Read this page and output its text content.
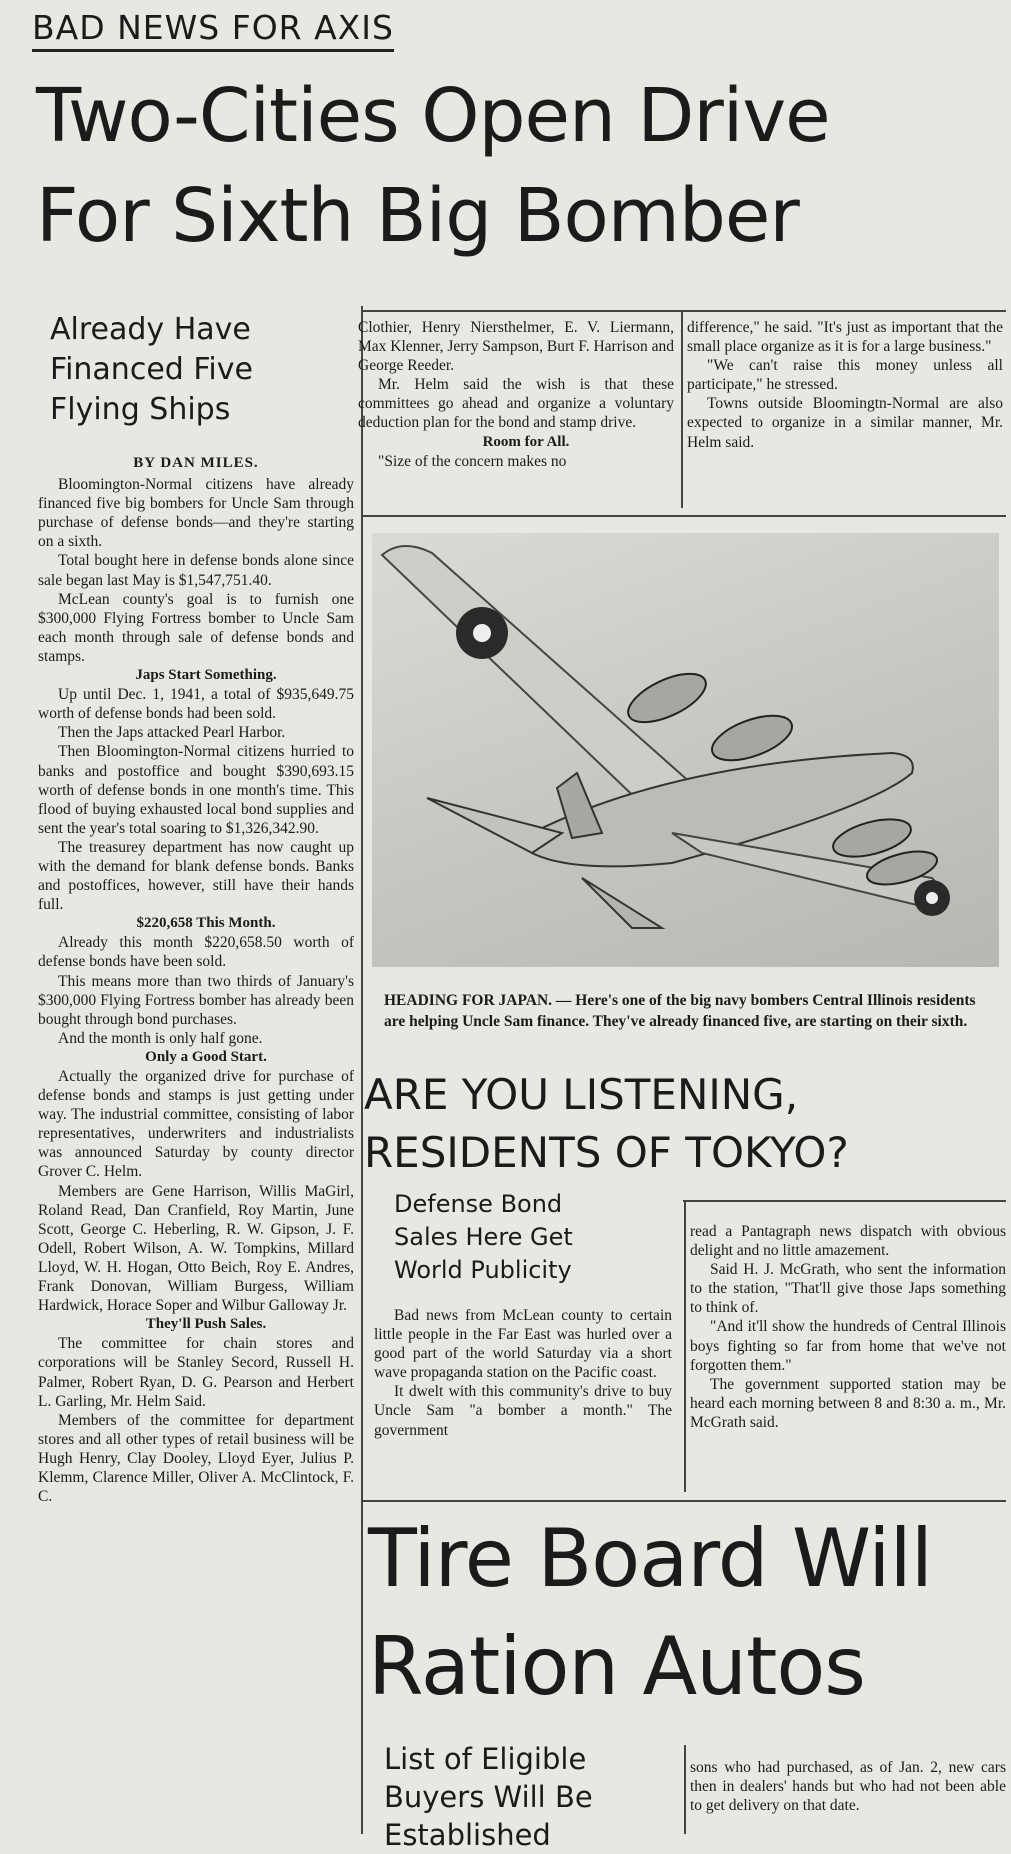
BAD NEWS FOR AXIS
Two-Cities Open Drive
For Sixth Big Bomber
Already Have
Financed Five
Flying Ships
BY DAN MILES.

Bloomington-Normal citizens have already financed five big bombers for Uncle Sam through purchase of defense bonds—and they're starting on a sixth.

Total bought here in defense bonds alone since sale began last May is $1,547,751.40.

McLean county's goal is to furnish one $300,000 Flying Fortress bomber to Uncle Sam each month through sale of defense bonds and stamps.

Japs Start Something.

Up until Dec. 1, 1941, a total of $935,649.75 worth of defense bonds had been sold.

Then the Japs attacked Pearl Harbor.

Then Bloomington-Normal citizens hurried to banks and postoffice and bought $390,693.15 worth of defense bonds in one month's time. This flood of buying exhausted local bond supplies and sent the year's total soaring to $1,326,342.90.

The treasurey department has now caught up with the demand for blank defense bonds. Banks and postoffices, however, still have their hands full.

$220,658 This Month.

Already this month $220,658.50 worth of defense bonds have been sold.

This means more than two thirds of January's $300,000 Flying Fortress bomber has already been bought through bond purchases.

And the month is only half gone.

Only a Good Start.

Actually the organized drive for purchase of defense bonds and stamps is just getting under way. The industrial committee, consisting of labor representatives, underwriters and industrialists was announced Saturday by county director Grover C. Helm.

Members are Gene Harrison, Willis MaGirl, Roland Read, Dan Cranfield, Roy Martin, June Scott, George C. Heberling, R. W. Gipson, J. F. Odell, Robert Wilson, A. W. Tompkins, Millard Lloyd, W. H. Hogan, Otto Beich, Roy E. Andres, Frank Donovan, William Burgess, William Hardwick, Horace Soper and Wilbur Galloway Jr.

They'll Push Sales.

The committee for chain stores and corporations will be Stanley Secord, Russell H. Palmer, Robert Ryan, D. G. Pearson and Herbert L. Garling, Mr. Helm Said.

Members of the committee for department stores and all other types of retail business will be Hugh Henry, Clay Dooley, Lloyd Eyer, Julius P. Klemm, Clarence Miller, Oliver A. McClintock, F. C.

Clothier, Henry Niersthelmer, E. V. Liermann, Max Klenner, Jerry Sampson, Burt F. Harrison and George Reeder.

Mr. Helm said the wish is that these committees go ahead and organize a voluntary deduction plan for the bond and stamp drive.

Room for All.

"Size of the concern makes no

difference," he said. "It's just as important that the small place organize as it is for a large business."

"We can't raise this money unless all participate," he stressed.

Towns outside Bloomingtn-Normal are also expected to organize in a similar manner, Mr. Helm said.

HEADING FOR JAPAN. — Here's one of the big navy bombers Central Illinois residents are helping Uncle Sam finance. They've already financed five, are starting on their sixth.
ARE YOU LISTENING,
RESIDENTS OF TOKYO?
Defense Bond
Sales Here Get
World Publicity

Bad news from McLean county to certain little people in the Far East was hurled over a good part of the world Saturday via a short wave propaganda station on the Pacific coast.

It dwelt with this community's drive to buy Uncle Sam "a bomber a month." The government

read a Pantagraph news dispatch with obvious delight and no little amazement.

Said H. J. McGrath, who sent the information to the station, "That'll give those Japs something to think of.

"And it'll show the hundreds of Central Illinois boys fighting so far from home that we've not forgotten them."

The government supported station may be heard each morning between 8 and 8:30 a. m., Mr. McGrath said.

Tire Board Will
Ration Autos
List of Eligible
Buyers Will Be
Established

sons who had purchased, as of Jan. 2, new cars then in dealers' hands but who had not been able to get delivery on that date.
